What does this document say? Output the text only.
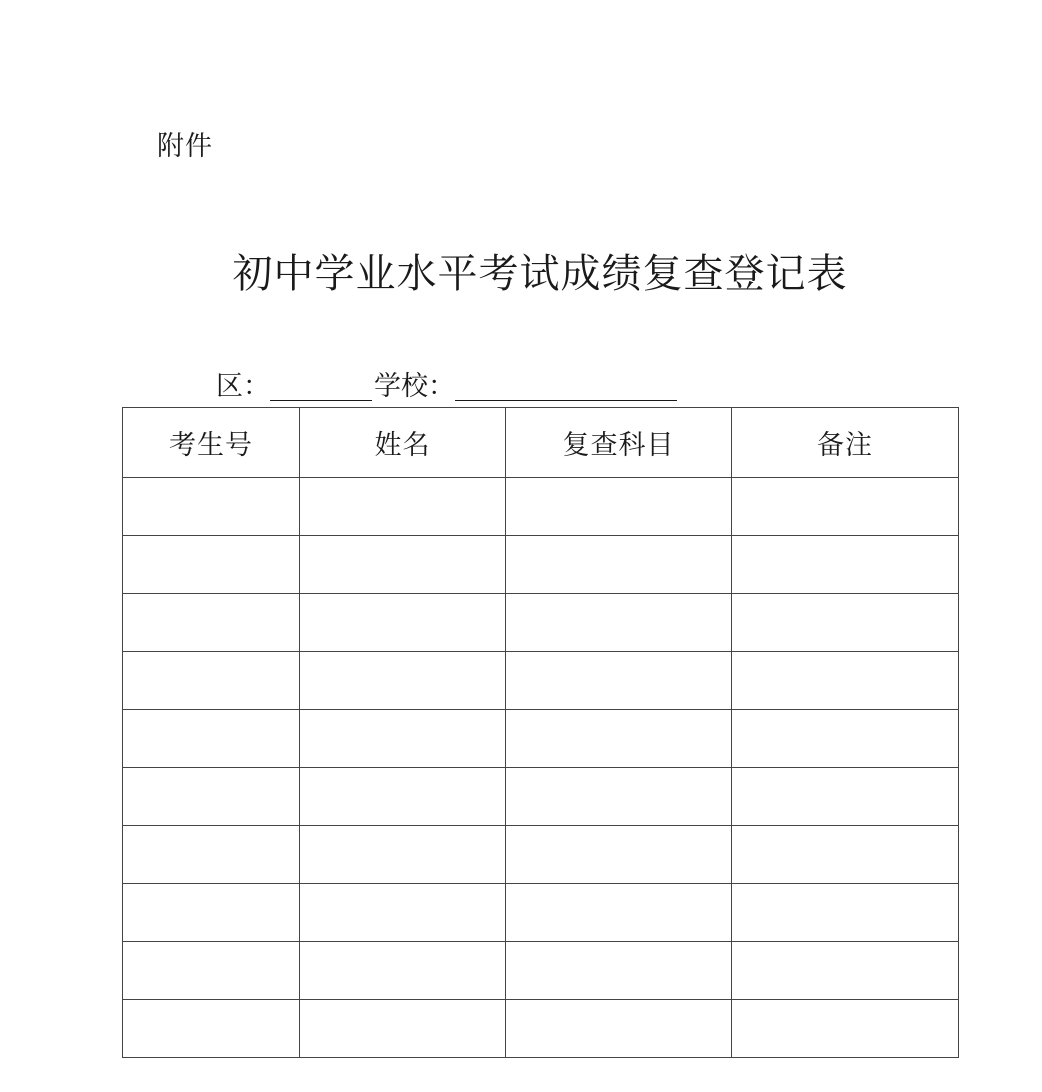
附件
初中学业水平考试成绩复查登记表
区：	学校：
考生号	姓名	复查科目	备注
